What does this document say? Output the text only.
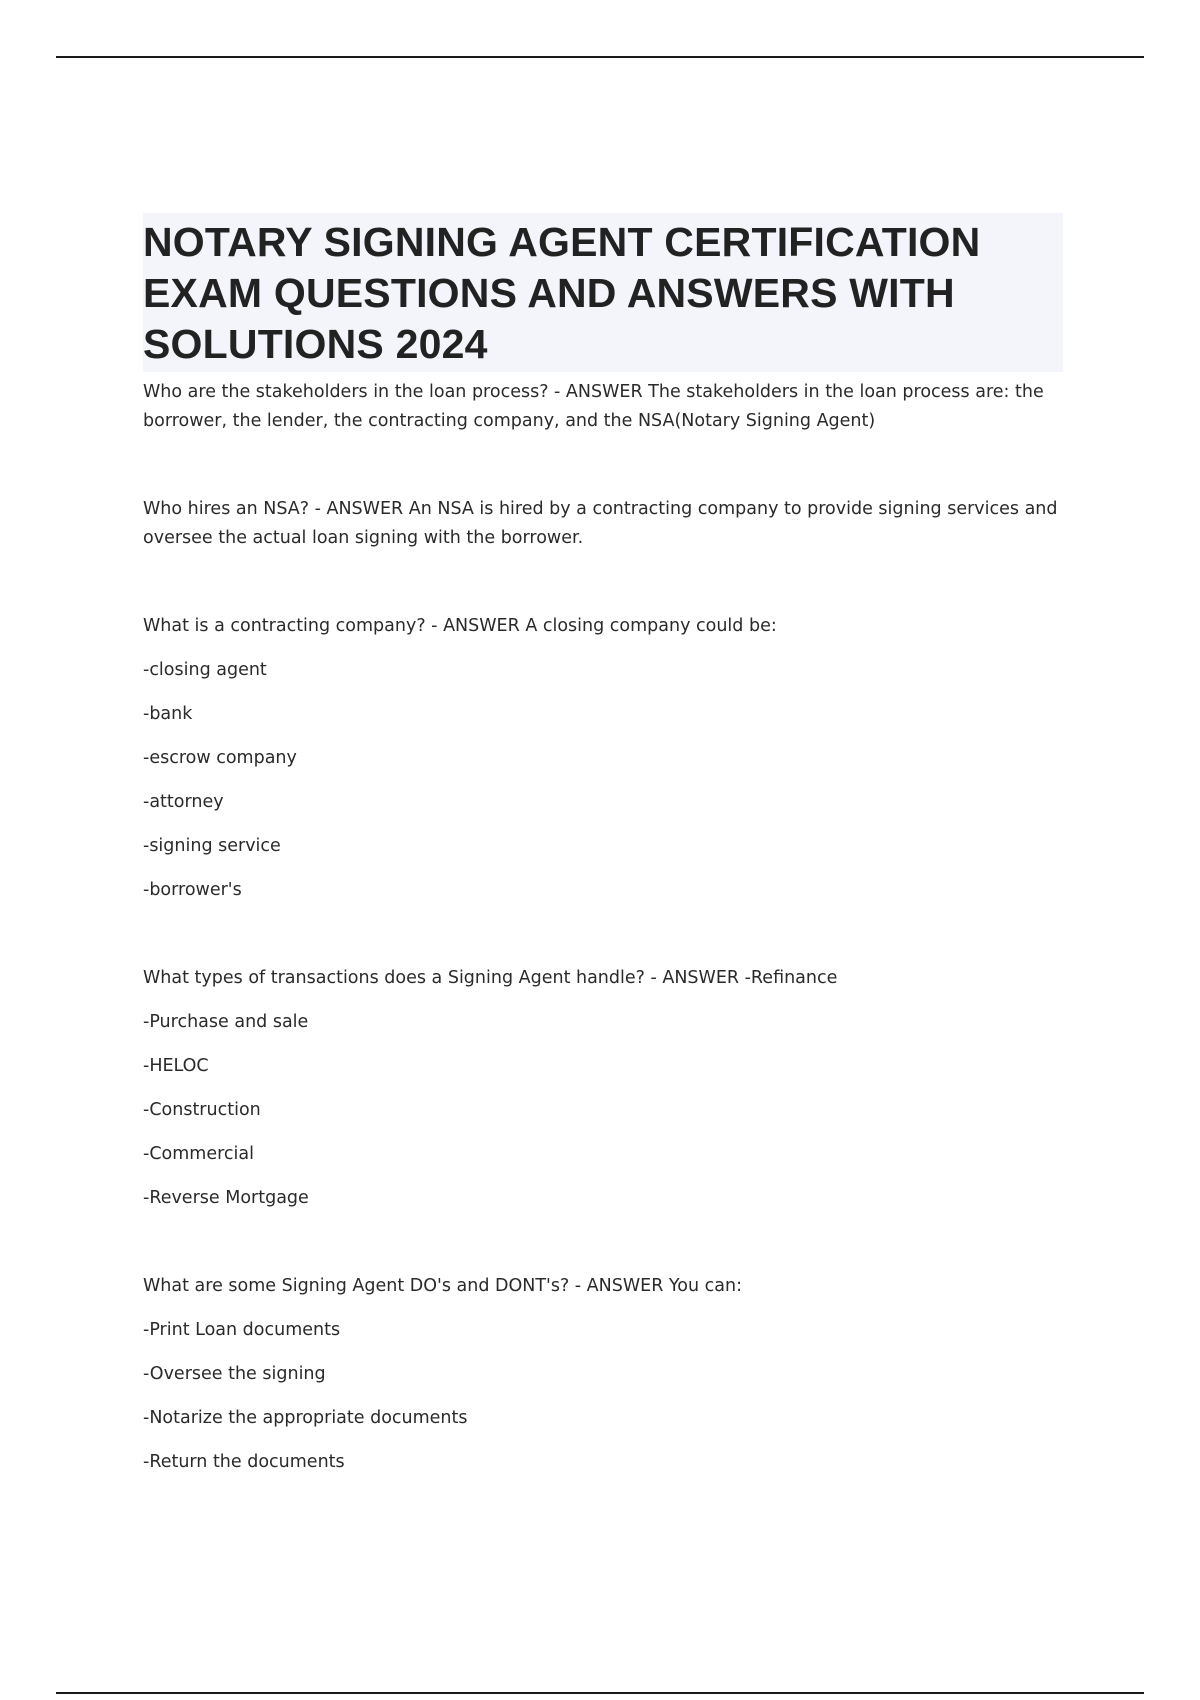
NOTARY SIGNING AGENT CERTIFICATION EXAM QUESTIONS AND ANSWERS WITH SOLUTIONS 2024

Who are the stakeholders in the loan process? - ANSWER The stakeholders in the loan process are: the borrower, the lender, the contracting company, and the NSA(Notary Signing Agent)

Who hires an NSA? - ANSWER An NSA is hired by a contracting company to provide signing services and oversee the actual loan signing with the borrower.

What is a contracting company? - ANSWER A closing company could be:

-closing agent

-bank

-escrow company

-attorney

-signing service

-borrower's

What types of transactions does a Signing Agent handle? - ANSWER -Refinance

-Purchase and sale

-HELOC

-Construction

-Commercial

-Reverse Mortgage

What are some Signing Agent DO's and DONT's? - ANSWER You can:

-Print Loan documents

-Oversee the signing

-Notarize the appropriate documents

-Return the documents
